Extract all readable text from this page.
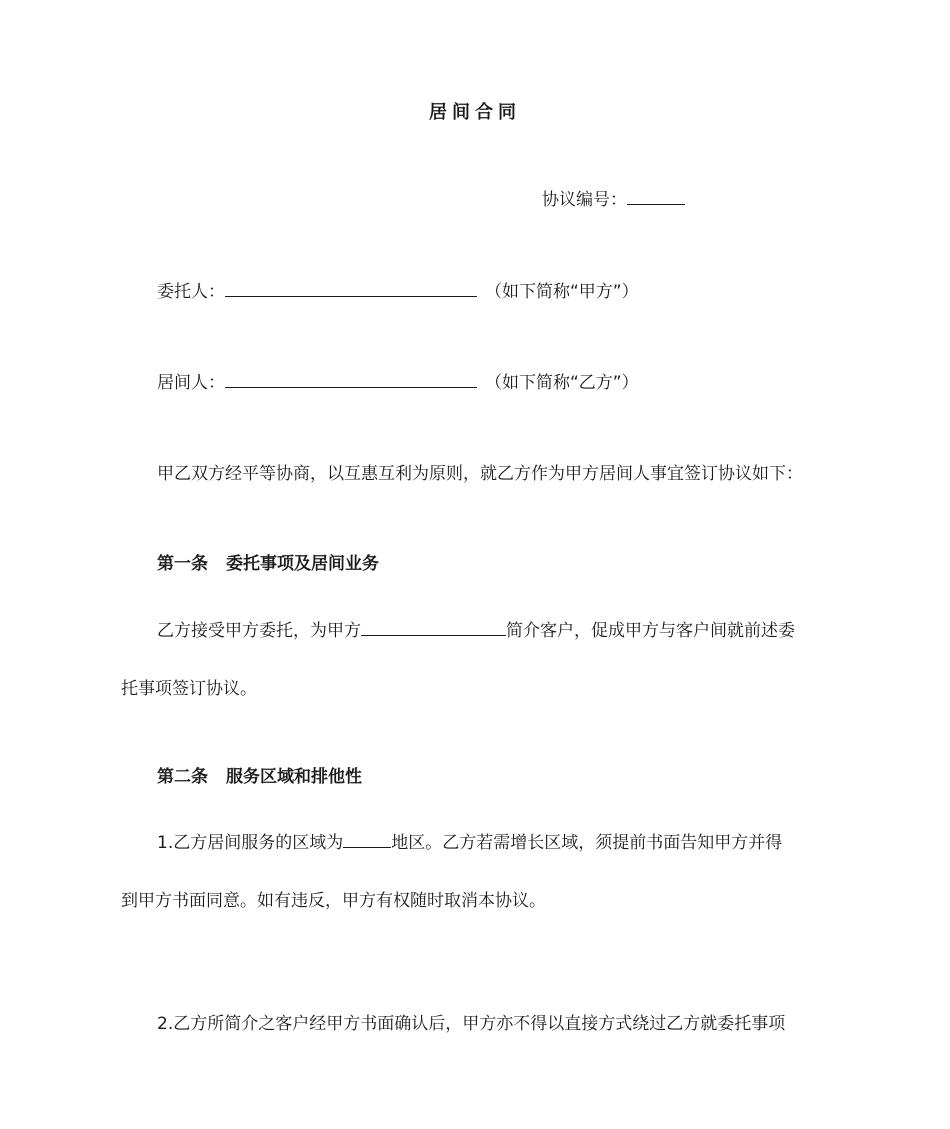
居间合同
协议编号：
委托人：	（如下简称“甲方”）
居间人：	（如下简称“乙方”）
甲乙双方经平等协商，以互惠互利为原则，就乙方作为甲方居间人事宜签订协议如下：
第一条 委托事项及居间业务
乙方接受甲方委托，为甲方	简介客户，促成甲方与客户间就前述委
托事项签订协议。
第二条 服务区域和排他性
1.乙方居间服务的区域为	地区。乙方若需增长区域，须提前书面告知甲方并得
到甲方书面同意。如有违反，甲方有权随时取消本协议。
2.乙方所简介之客户经甲方书面确认后，甲方亦不得以直接方式绕过乙方就委托事项
